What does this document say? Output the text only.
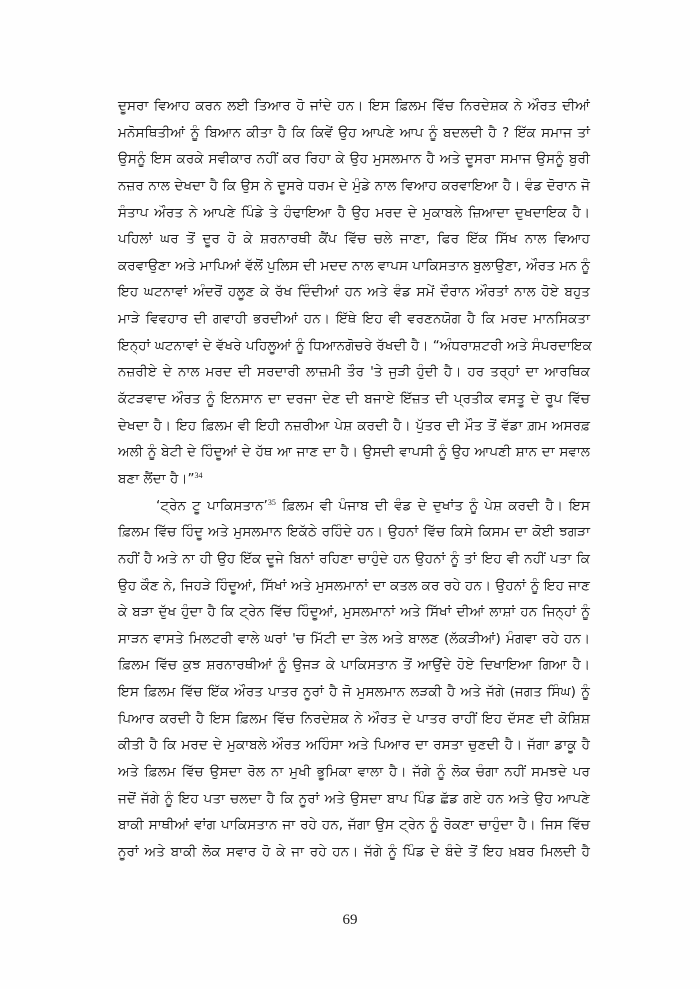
ਦੂਸਰਾ ਵਿਆਹ ਕਰਨ ਲਈ ਤਿਆਰ ਹੋ ਜਾਂਦੇ ਹਨ। ਇਸ ਫ਼ਿਲਮ ਵਿੱਚ ਨਿਰਦੇਸ਼ਕ ਨੇ ਔਰਤ ਦੀਆਂ
ਮਨੋਸਥਿਤੀਆਂ ਨੂੰ ਬਿਆਨ ਕੀਤਾ ਹੈ ਕਿ ਕਿਵੇਂ ਉਹ ਆਪਣੇ ਆਪ ਨੂੰ ਬਦਲਦੀ ਹੈ ? ਇੱਕ ਸਮਾਜ ਤਾਂ
ਉਸਨੂੰ ਇਸ ਕਰਕੇ ਸਵੀਕਾਰ ਨਹੀਂ ਕਰ ਰਿਹਾ ਕੇ ਉਹ ਮੁਸਲਮਾਨ ਹੈ ਅਤੇ ਦੂਸਰਾ ਸਮਾਜ ਉਸਨੂੰ ਬੁਰੀ
ਨਜ਼ਰ ਨਾਲ ਦੇਖਦਾ ਹੈ ਕਿ ਉਸ ਨੇ ਦੂਸਰੇ ਧਰਮ ਦੇ ਮੁੰਡੇ ਨਾਲ ਵਿਆਹ ਕਰਵਾਇਆ ਹੈ। ਵੰਡ ਦੋਰਾਨ ਜੋ
ਸੰਤਾਪ ਔਰਤ ਨੇ ਆਪਣੇ ਪਿੰਡੇ ਤੇ ਹੰਢਾਇਆ ਹੈ ਉਹ ਮਰਦ ਦੇ ਮੁਕਾਬਲੇ ਜ਼ਿਆਦਾ ਦੁਖਦਾਇਕ ਹੈ।
ਪਹਿਲਾਂ ਘਰ ਤੋਂ ਦੂਰ ਹੋ ਕੇ ਸ਼ਰਨਾਰਥੀ ਕੈਂਪ ਵਿੱਚ ਚਲੇ ਜਾਣਾ, ਫਿਰ ਇੱਕ ਸਿੱਖ ਨਾਲ ਵਿਆਹ
ਕਰਵਾਉਣਾ ਅਤੇ ਮਾਪਿਆਂ ਵੱਲੋਂ ਪੁਲਿਸ ਦੀ ਮਦਦ ਨਾਲ ਵਾਪਸ ਪਾਕਿਸਤਾਨ ਬੁਲਾਉਣਾ, ਔਰਤ ਮਨ ਨੂੰ
ਇਹ ਘਟਨਾਵਾਂ ਅੰਦਰੋਂ ਹਲੂਣ ਕੇ ਰੱਖ ਦਿੰਦੀਆਂ ਹਨ ਅਤੇ ਵੰਡ ਸਮੇਂ ਦੌਰਾਨ ਔਰਤਾਂ ਨਾਲ ਹੋਏ ਬਹੁਤ
ਮਾੜੇ ਵਿਵਹਾਰ ਦੀ ਗਵਾਹੀ ਭਰਦੀਆਂ ਹਨ। ਇੱਥੇ ਇਹ ਵੀ ਵਰਣਨਯੋਗ ਹੈ ਕਿ ਮਰਦ ਮਾਨਸਿਕਤਾ
ਇਨ੍ਹਾਂ ਘਟਨਾਵਾਂ ਦੇ ਵੱਖਰੇ ਪਹਿਲੂਆਂ ਨੂੰ ਧਿਆਨਗੋਚਰੇ ਰੱਖਦੀ ਹੈ। “ਅੰਧਰਾਸ਼ਟਰੀ ਅਤੇ ਸੰਪਰਦਾਇਕ
ਨਜ਼ਰੀਏ ਦੇ ਨਾਲ ਮਰਦ ਦੀ ਸਰਦਾਰੀ ਲਾਜ਼ਮੀ ਤੌਰ 'ਤੇ ਜੁੜੀ ਹੁੰਦੀ ਹੈ। ਹਰ ਤਰ੍ਹਾਂ ਦਾ ਆਰਥਿਕ
ਕੱਟੜਵਾਦ ਔਰਤ ਨੂੰ ਇਨਸਾਨ ਦਾ ਦਰਜਾ ਦੇਣ ਦੀ ਬਜਾਏ ਇੱਜ਼ਤ ਦੀ ਪ੍ਰਤੀਕ ਵਸਤੂ ਦੇ ਰੂਪ ਵਿੱਚ
ਦੇਖਦਾ ਹੈ। ਇਹ ਫ਼ਿਲਮ ਵੀ ਇਹੀ ਨਜ਼ਰੀਆ ਪੇਸ਼ ਕਰਦੀ ਹੈ। ਪੁੱਤਰ ਦੀ ਮੌਤ ਤੋਂ ਵੱਡਾ ਗ਼ਮ ਅਸਰਫ਼
ਅਲੀ ਨੂੰ ਬੇਟੀ ਦੇ ਹਿੰਦੂਆਂ ਦੇ ਹੱਥ ਆ ਜਾਣ ਦਾ ਹੈ। ਉਸਦੀ ਵਾਪਸੀ ਨੂੰ ਉਹ ਆਪਣੀ ਸ਼ਾਨ ਦਾ ਸਵਾਲ
ਬਣਾ ਲੈਂਦਾ ਹੈ।”$^{34}$
‘ਟ੍ਰੇਨ ਟੂ ਪਾਕਿਸਤਾਨ’$^{35}$ ਫ਼ਿਲਮ ਵੀ ਪੰਜਾਬ ਦੀ ਵੰਡ ਦੇ ਦੁਖਾਂਤ ਨੂੰ ਪੇਸ਼ ਕਰਦੀ ਹੈ। ਇਸ
ਫ਼ਿਲਮ ਵਿੱਚ ਹਿੰਦੂ ਅਤੇ ਮੁਸਲਮਾਨ ਇਕੱਠੇ ਰਹਿੰਦੇ ਹਨ। ਉਹਨਾਂ ਵਿੱਚ ਕਿਸੇ ਕਿਸਮ ਦਾ ਕੋਈ ਝਗੜਾ
ਨਹੀਂ ਹੈ ਅਤੇ ਨਾ ਹੀ ਉਹ ਇੱਕ ਦੂਜੇ ਬਿਨਾਂ ਰਹਿਣਾ ਚਾਹੁੰਦੇ ਹਨ ਉਹਨਾਂ ਨੂੰ ਤਾਂ ਇਹ ਵੀ ਨਹੀਂ ਪਤਾ ਕਿ
ਉਹ ਕੌਣ ਨੇ, ਜਿਹੜੇ ਹਿੰਦੂਆਂ, ਸਿੱਖਾਂ ਅਤੇ ਮੁਸਲਮਾਨਾਂ ਦਾ ਕਤਲ ਕਰ ਰਹੇ ਹਨ। ਉਹਨਾਂ ਨੂੰ ਇਹ ਜਾਣ
ਕੇ ਬੜਾ ਦੁੱਖ ਹੁੰਦਾ ਹੈ ਕਿ ਟ੍ਰੇਨ ਵਿੱਚ ਹਿੰਦੂਆਂ, ਮੁਸਲਮਾਨਾਂ ਅਤੇ ਸਿੱਖਾਂ ਦੀਆਂ ਲਾਸ਼ਾਂ ਹਨ ਜਿਨ੍ਹਾਂ ਨੂੰ
ਸਾੜਨ ਵਾਸਤੇ ਮਿਲਟਰੀ ਵਾਲੇ ਘਰਾਂ 'ਚ ਮਿੱਟੀ ਦਾ ਤੇਲ ਅਤੇ ਬਾਲਣ (ਲੱਕੜੀਆਂ) ਮੰਗਵਾ ਰਹੇ ਹਨ।
ਫ਼ਿਲਮ ਵਿੱਚ ਕੁਝ ਸ਼ਰਨਾਰਥੀਆਂ ਨੂੰ ਉਜੜ ਕੇ ਪਾਕਿਸਤਾਨ ਤੋਂ ਆਉਂਦੇ ਹੋਏ ਦਿਖਾਇਆ ਗਿਆ ਹੈ।
ਇਸ ਫ਼ਿਲਮ ਵਿੱਚ ਇੱਕ ਔਰਤ ਪਾਤਰ ਨੂਰਾਂ ਹੈ ਜੋ ਮੁਸਲਮਾਨ ਲੜਕੀ ਹੈ ਅਤੇ ਜੱਗੇ (ਜਗਤ ਸਿੰਘ) ਨੂੰ
ਪਿਆਰ ਕਰਦੀ ਹੈ ਇਸ ਫ਼ਿਲਮ ਵਿੱਚ ਨਿਰਦੇਸ਼ਕ ਨੇ ਔਰਤ ਦੇ ਪਾਤਰ ਰਾਹੀਂ ਇਹ ਦੱਸਣ ਦੀ ਕੋਸ਼ਿਸ਼
ਕੀਤੀ ਹੈ ਕਿ ਮਰਦ ਦੇ ਮੁਕਾਬਲੇ ਔਰਤ ਅਹਿੰਸਾ ਅਤੇ ਪਿਆਰ ਦਾ ਰਸਤਾ ਚੁਣਦੀ ਹੈ। ਜੱਗਾ ਡਾਕੂ ਹੈ
ਅਤੇ ਫ਼ਿਲਮ ਵਿੱਚ ਉਸਦਾ ਰੋਲ ਨਾ ਮੁਖੀ ਭੂਮਿਕਾ ਵਾਲਾ ਹੈ। ਜੱਗੇ ਨੂੰ ਲੋਕ ਚੰਗਾ ਨਹੀਂ ਸਮਝਦੇ ਪਰ
ਜਦੋਂ ਜੱਗੇ ਨੂੰ ਇਹ ਪਤਾ ਚਲਦਾ ਹੈ ਕਿ ਨੂਰਾਂ ਅਤੇ ਉਸਦਾ ਬਾਪ ਪਿੰਡ ਛੱਡ ਗਏ ਹਨ ਅਤੇ ਉਹ ਆਪਣੇ
ਬਾਕੀ ਸਾਥੀਆਂ ਵਾਂਗ ਪਾਕਿਸਤਾਨ ਜਾ ਰਹੇ ਹਨ, ਜੱਗਾ ਉਸ ਟ੍ਰੇਨ ਨੂੰ ਰੋਕਣਾ ਚਾਹੁੰਦਾ ਹੈ। ਜਿਸ ਵਿੱਚ
ਨੂਰਾਂ ਅਤੇ ਬਾਕੀ ਲੋਕ ਸਵਾਰ ਹੋ ਕੇ ਜਾ ਰਹੇ ਹਨ। ਜੱਗੇ ਨੂੰ ਪਿੰਡ ਦੇ ਬੰਦੇ ਤੋਂ ਇਹ ਖ਼ਬਰ ਮਿਲਦੀ ਹੈ
69
